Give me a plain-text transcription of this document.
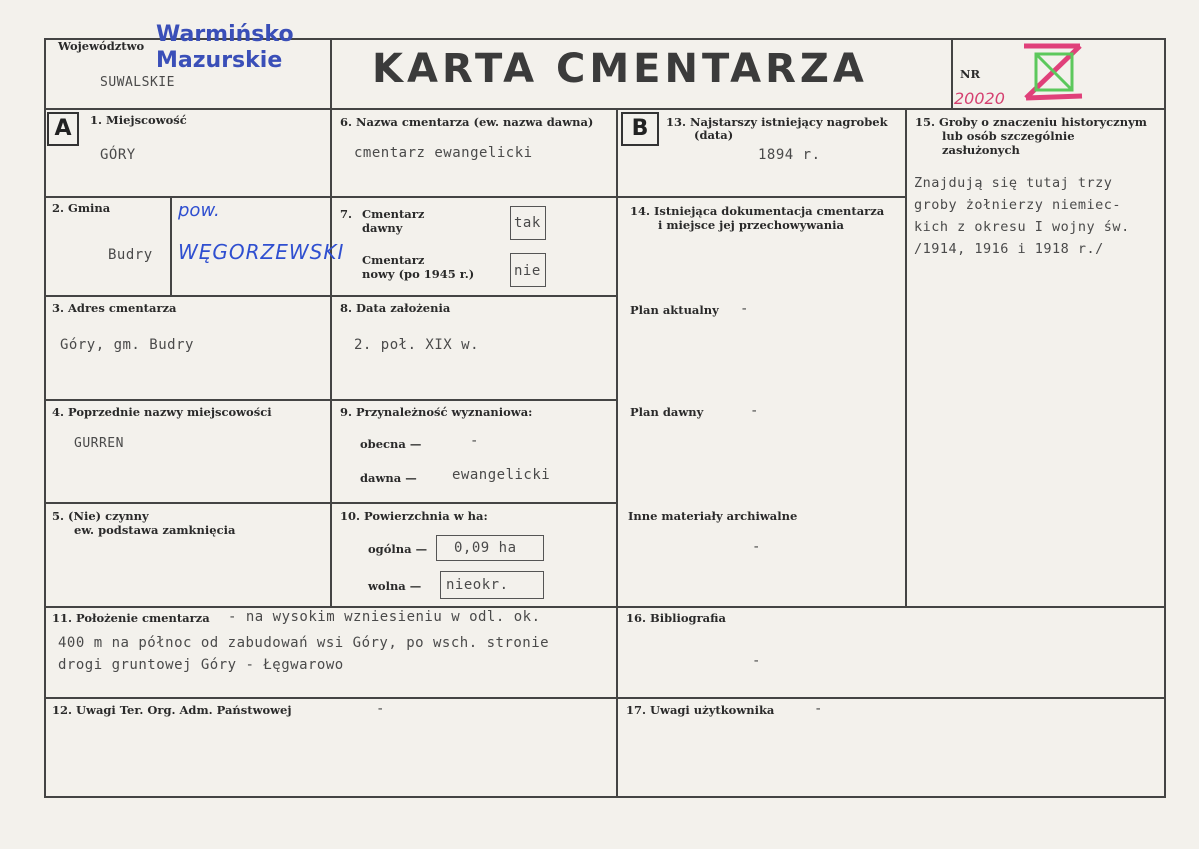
Województwo Warmińsko
Mazurskie
SUWALSKIE	KARTA CMENTARZA	NR
20020
A	1. Miejscowość
GÓRY
2. Gmina
Budry
pow.
WĘGORZEWSKI
3. Adres cmentarza
Góry, gm. Budry
4. Poprzednie nazwy miejscowości
GURREN
5. (Nie) czynny
ew. podstawa zamknięcia
6. Nazwa cmentarza (ew. nazwa dawna)
cmentarz ewangelicki
7. Cmentarz
dawny	tak
Cmentarz
nowy (po 1945 r.)	nie
8. Data założenia
2. poł. XIX w.
9. Przynależność wyznaniowa:
obecna —	-
dawna —	ewangelicki
10. Powierzchnia w ha:
ogólna — 0,09 ha
wolna — nieokr.
B	13. Najstarszy istniejący nagrobek
(data)
1894 r.
14. Istniejąca dokumentacja cmentarza
i miejsce jej przechowywania
Plan aktualny -
Plan dawny	-
Inne materiały archiwalne
-
15. Groby o znaczeniu historycznym
lub osób szczególnie
zasłużonych
Znajdują się tutaj trzy
groby żołnierzy niemiec-
kich z okresu I wojny św.
/1914, 1916 i 1918 r./
11. Położenie cmentarza - na wysokim wzniesieniu w odl. ok.
400 m na północ od zabudowań wsi Góry, po wsch. stronie
drogi gruntowej Góry - Łęgwarowo
12. Uwagi Ter. Org. Adm. Państwowej	-
16. Bibliografia
-
17. Uwagi użytkownika	-
